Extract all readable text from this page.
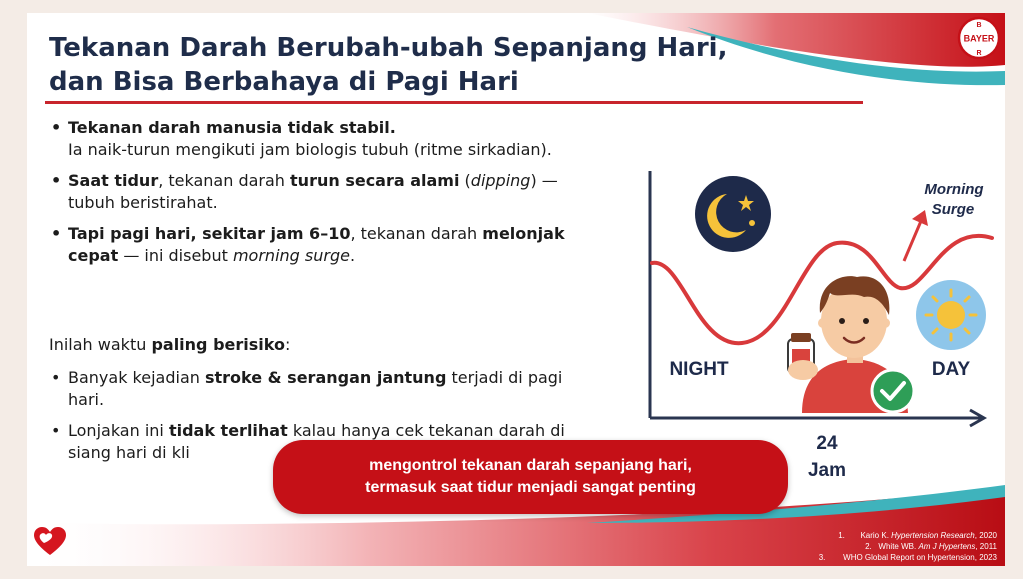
Tekanan Darah Berubah-ubah Sepanjang Hari,
dan Bisa Berbahaya di Pagi Hari
BAYER
B
R
• Tekanan darah manusia tidak stabil.
Ia naik-turun mengikuti jam biologis tubuh (ritme sirkadian).
• Saat tidur, tekanan darah turun secara alami (dipping) — tubuh beristirahat.
• Tapi pagi hari, sekitar jam 6–10, tekanan darah melonjak cepat — ini disebut morning surge.
Inilah waktu paling berisiko:
• Banyak kejadian stroke & serangan jantung terjadi di pagi hari.
• Lonjakan ini tidak terlihat kalau hanya cek tekanan darah di siang hari di kli
Morning
Surge
NIGHT	DAY
24
Jam
mengontrol tekanan darah sepanjang hari,
termasuk saat tidur menjadi sangat penting
1. Kario K. Hypertension Research, 2020
2. White WB. Am J Hypertens, 2011
3. WHO Global Report on Hypertension, 2023
